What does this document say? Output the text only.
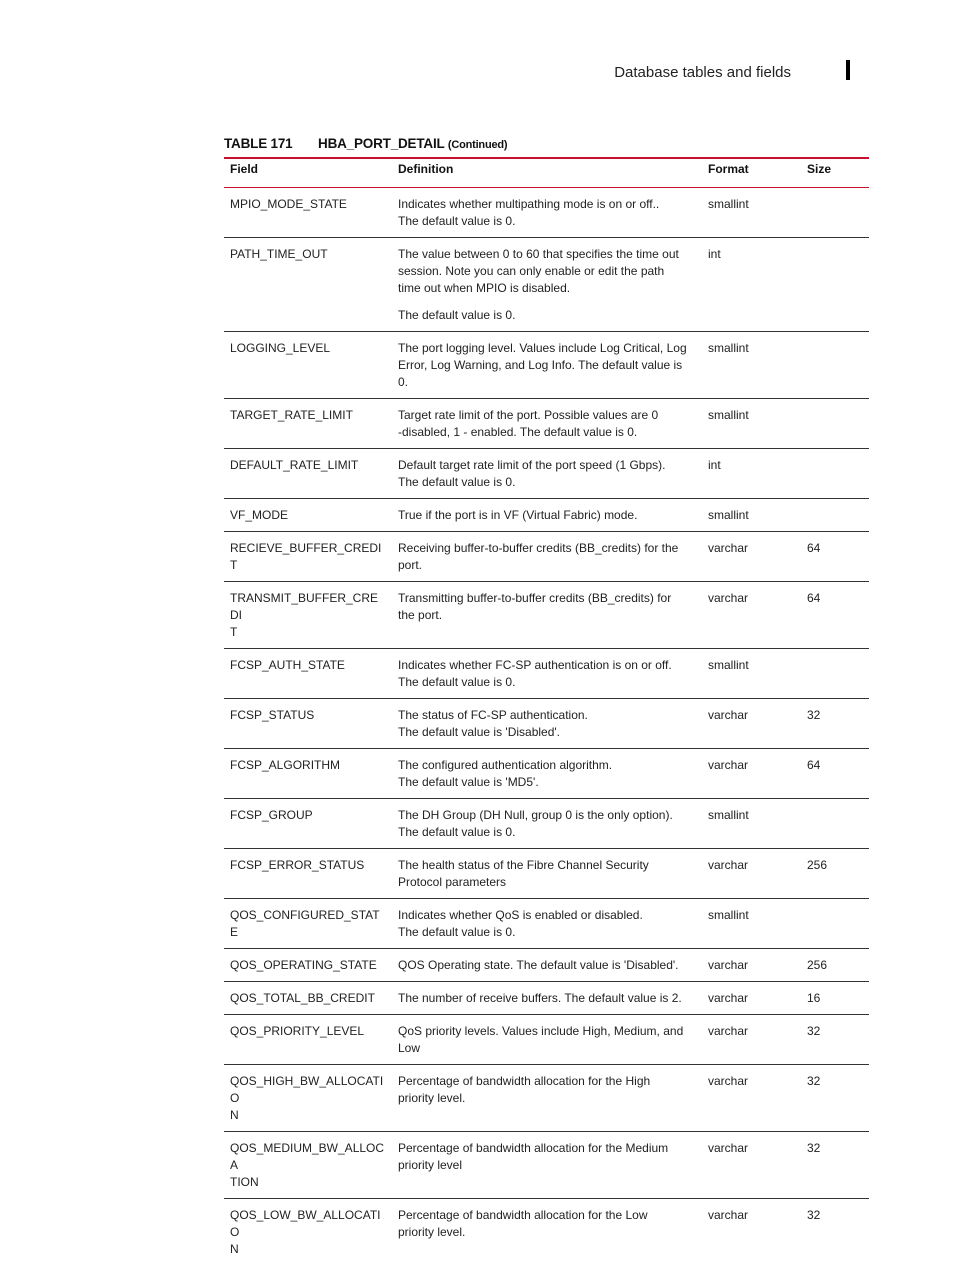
Database tables and fields
TABLE 171 HBA_PORT_DETAIL (Continued)
Field	Definition	Format	Size
MPIO_MODE_STATE	Indicates whether multipathing mode is on or off..
The default value is 0.	smallint	
PATH_TIME_OUT	The value between 0 to 60 that specifies the time out
session. Note you can only enable or edit the path
time out when MPIO is disabled.
The default value is 0.	int	
LOGGING_LEVEL	The port logging level. Values include Log Critical, Log
Error, Log Warning, and Log Info. The default value is
0.	smallint	
TARGET_RATE_LIMIT	Target rate limit of the port. Possible values are 0
-disabled, 1 - enabled. The default value is 0.	smallint	
DEFAULT_RATE_LIMIT	Default target rate limit of the port speed (1 Gbps).
The default value is 0.	int	
VF_MODE	True if the port is in VF (Virtual Fabric) mode.	smallint	
RECIEVE_BUFFER_CREDIT	Receiving buffer-to-buffer credits (BB_credits) for the
port.	varchar	64

TRANSMIT_BUFFER_CREDI
T	Transmitting buffer-to-buffer credits (BB_credits) for
the port.	varchar	64
FCSP_AUTH_STATE	Indicates whether FC-SP authentication is on or off.
The default value is 0.	smallint	
FCSP_STATUS	The status of FC-SP authentication.
The default value is 'Disabled'.	varchar	32
FCSP_ALGORITHM	The configured authentication algorithm.
The default value is 'MD5'.	varchar	64
FCSP_GROUP	The DH Group (DH Null, group 0 is the only option).
The default value is 0.	smallint	
FCSP_ERROR_STATUS	The health status of the Fibre Channel Security
Protocol parameters	varchar	256
QOS_CONFIGURED_STATE	Indicates whether QoS is enabled or disabled.
The default value is 0.	smallint	
QOS_OPERATING_STATE	QOS Operating state. The default value is 'Disabled'.	varchar	256
QOS_TOTAL_BB_CREDIT	The number of receive buffers. The default value is 2.	varchar	16
QOS_PRIORITY_LEVEL	QoS priority levels. Values include High, Medium, and
Low	varchar	32

QOS_HIGH_BW_ALLOCATIO
N	Percentage of bandwidth allocation for the High
priority level.	varchar	32

QOS_MEDIUM_BW_ALLOCA
TION	Percentage of bandwidth allocation for the Medium
priority level	varchar	32

QOS_LOW_BW_ALLOCATIO
N	Percentage of bandwidth allocation for the Low
priority level.	varchar	32
